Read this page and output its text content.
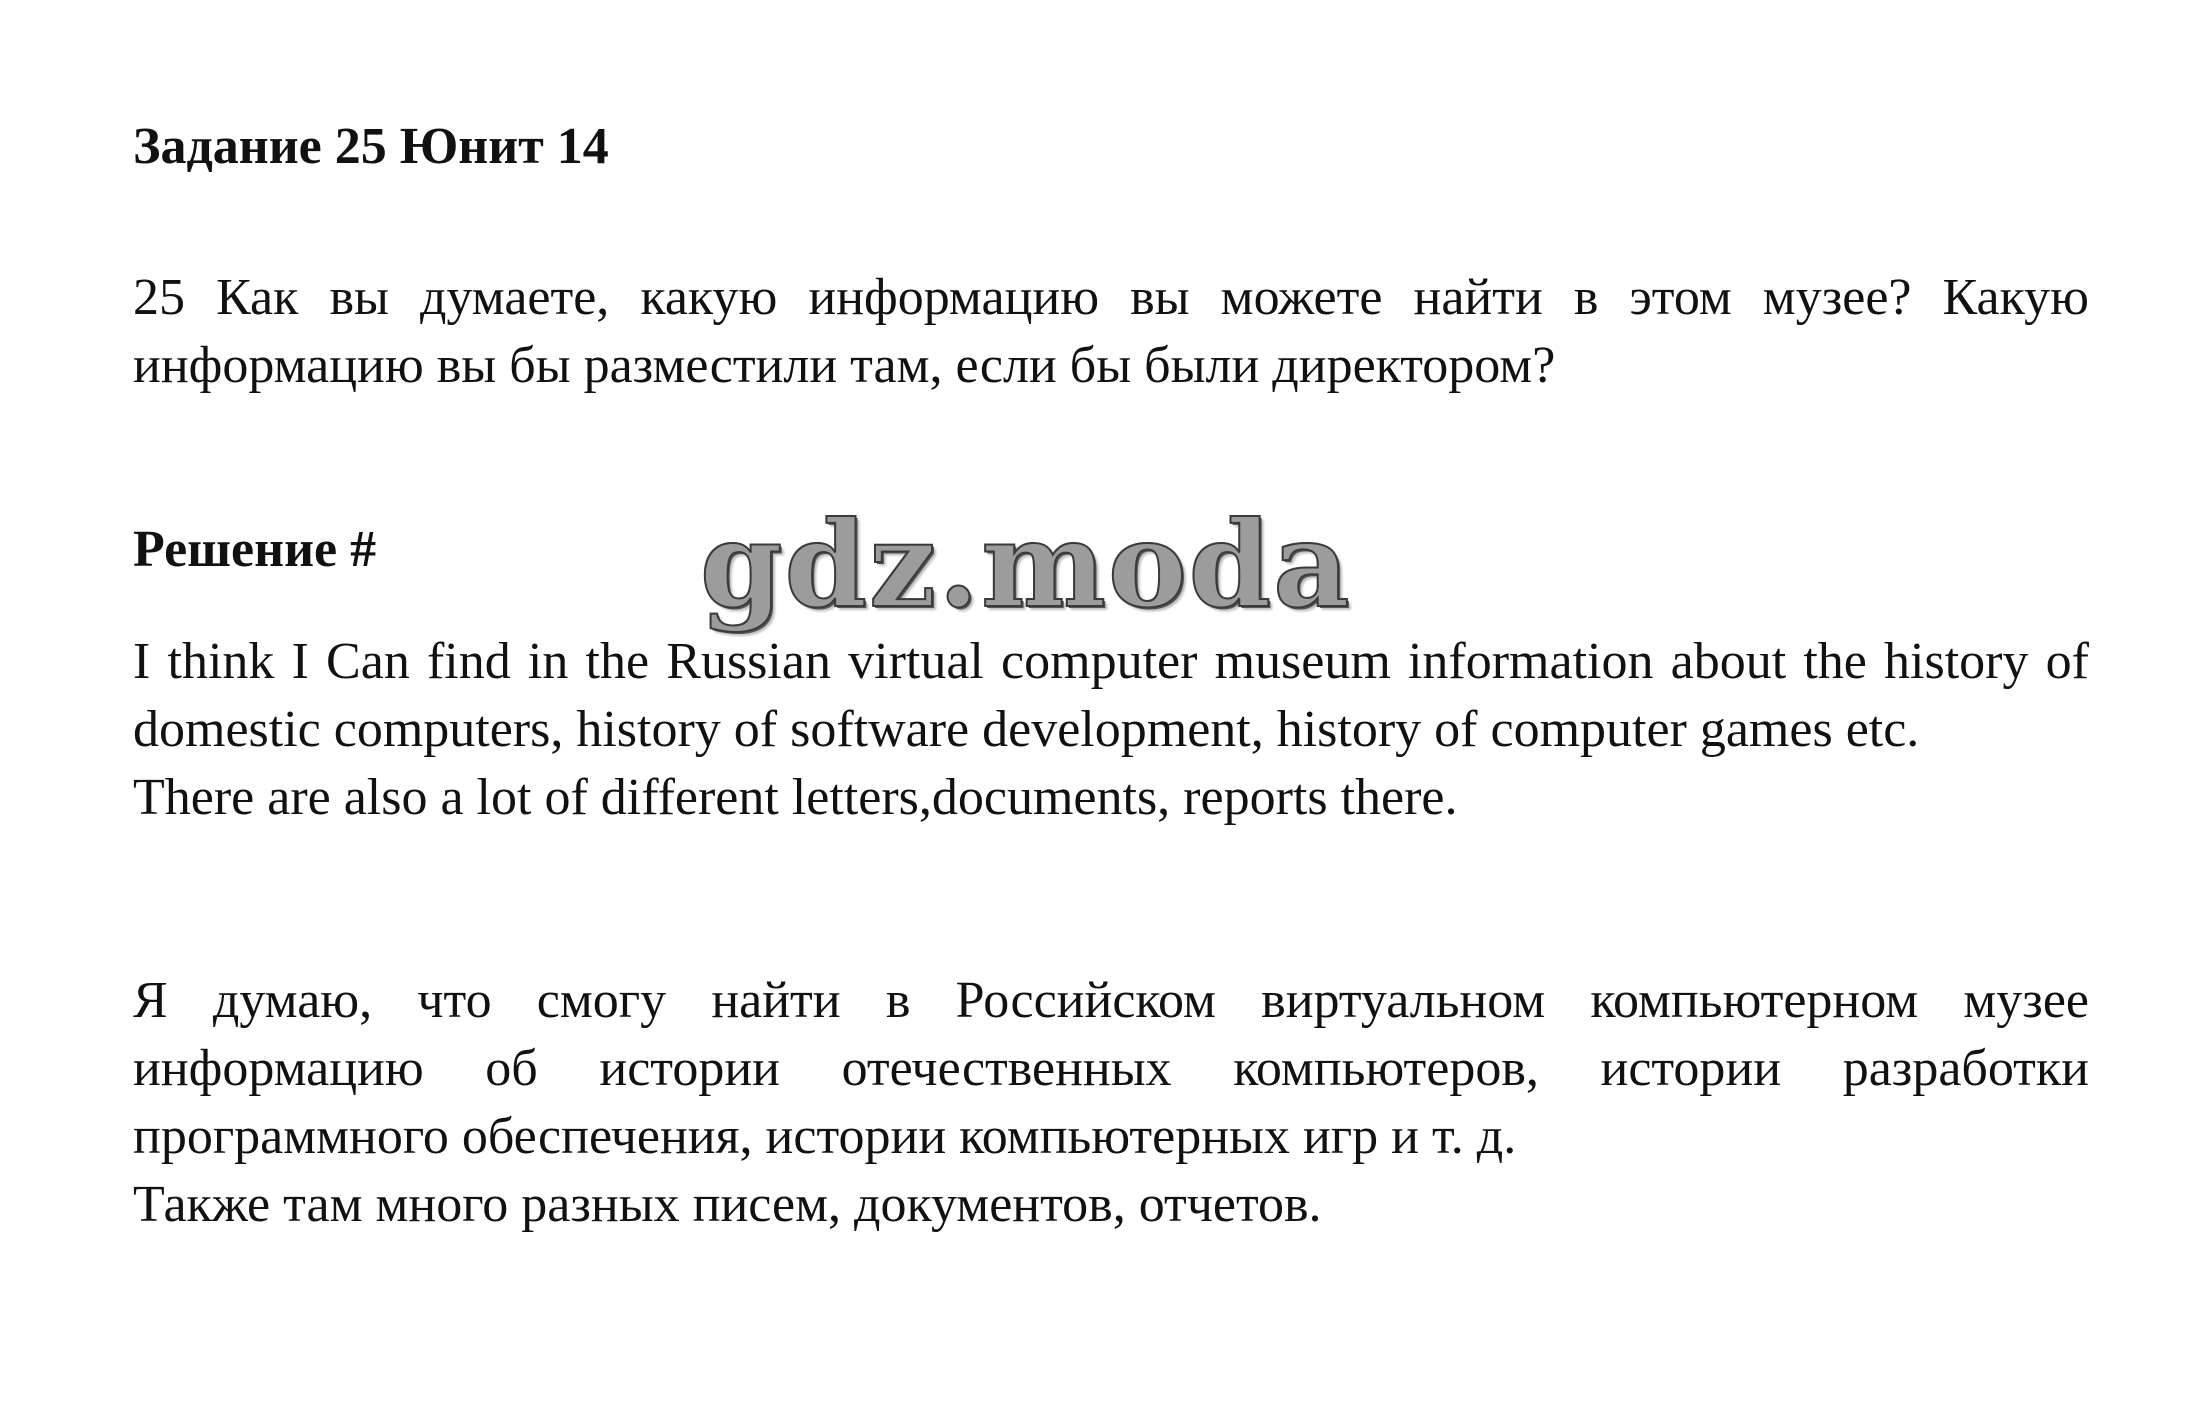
Задание 25 Юнит 14
25 Как вы думаете, какую информацию вы можете найти в этом музее? Какую информацию вы бы разместили там, если бы были директором?
Решение #	gdz.moda
I think I Can find in the Russian virtual computer museum information about the history of domestic computers, history of software development, history of computer games etc.
There are also a lot of different letters,documents, reports there.
Я думаю, что смогу найти в Российском виртуальном компьютерном музее информацию об истории отечественных компьютеров, истории разработки программного обеспечения, истории компьютерных игр и т. д.
Также там много разных писем, документов, отчетов.
